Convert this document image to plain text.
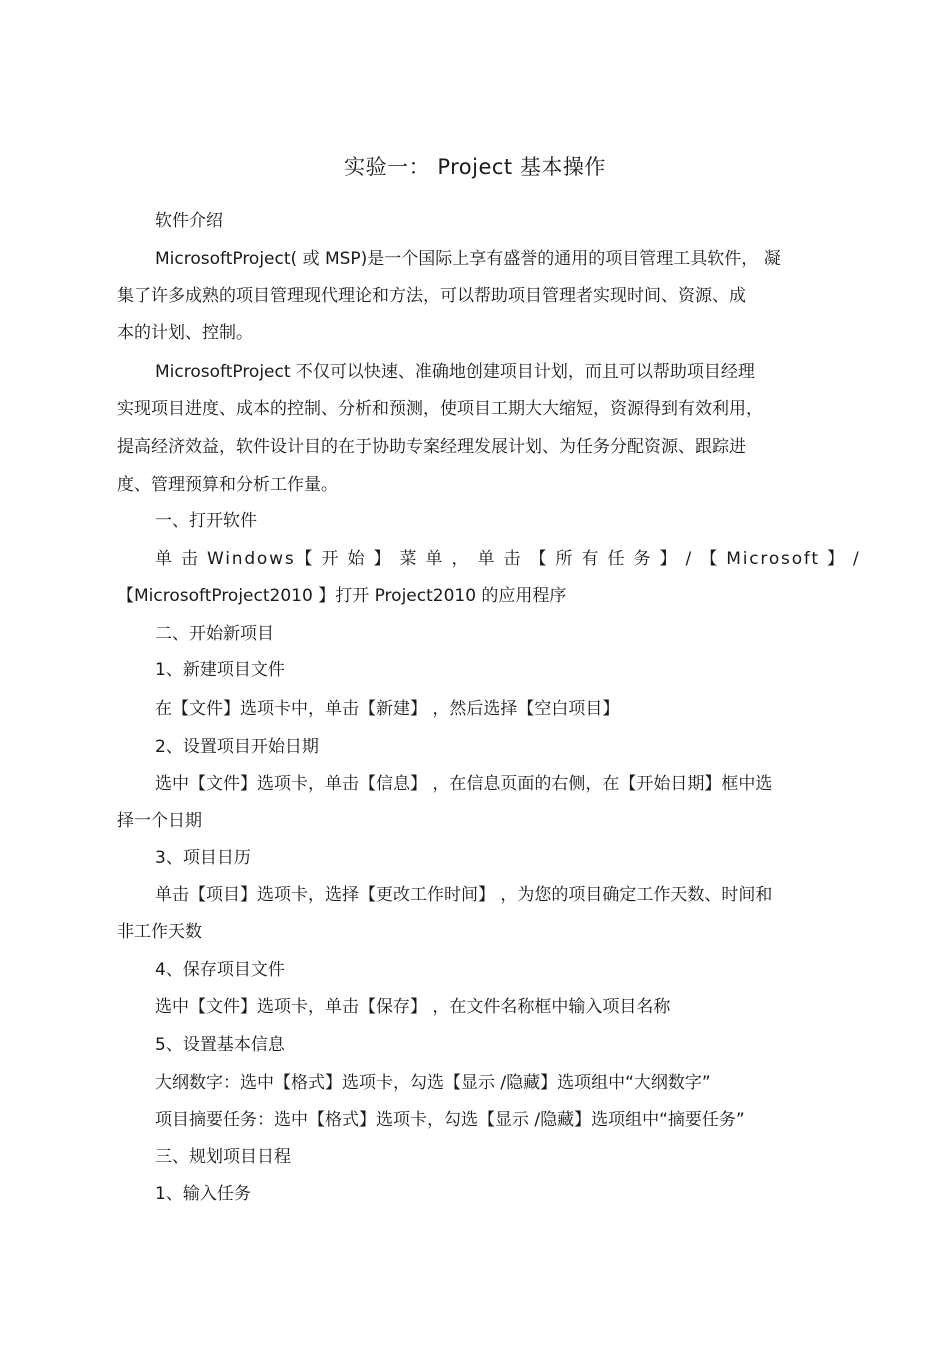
实验一： Project 基本操作
软件介绍
MicrosoftProject( 或 MSP)是一个国际上享有盛誉的通用的项目管理工具软件， 凝
集了许多成熟的项目管理现代理论和方法，可以帮助项目管理者实现时间、资源、成
本的计划、控制。
MicrosoftProject 不仅可以快速、准确地创建项目计划，而且可以帮助项目经理
实现项目进度、成本的控制、分析和预测，使项目工期大大缩短，资源得到有效利用，
提高经济效益，软件设计目的在于协助专案经理发展计划、为任务分配资源、跟踪进
度、管理预算和分析工作量。
一、打开软件
单 击 Windows【 开 始 】 菜 单 ， 单 击 【 所 有 任 务 】 / 【 Microsoft 】 /
【MicrosoftProject2010 】打开 Project2010 的应用程序
二、开始新项目
1、新建项目文件
在【文件】选项卡中，单击【新建】 ，然后选择【空白项目】
2、设置项目开始日期
选中【文件】选项卡，单击【信息】 ，在信息页面的右侧，在【开始日期】框中选
择一个日期
3、项目日历
单击【项目】选项卡，选择【更改工作时间】 ，为您的项目确定工作天数、时间和
非工作天数
4、保存项目文件
选中【文件】选项卡，单击【保存】 ，在文件名称框中输入项目名称
5、设置基本信息
大纲数字：选中【格式】选项卡，勾选【显示 /隐藏】选项组中“大纲数字”
项目摘要任务：选中【格式】选项卡，勾选【显示 /隐藏】选项组中“摘要任务”
三、规划项目日程
1、输入任务
